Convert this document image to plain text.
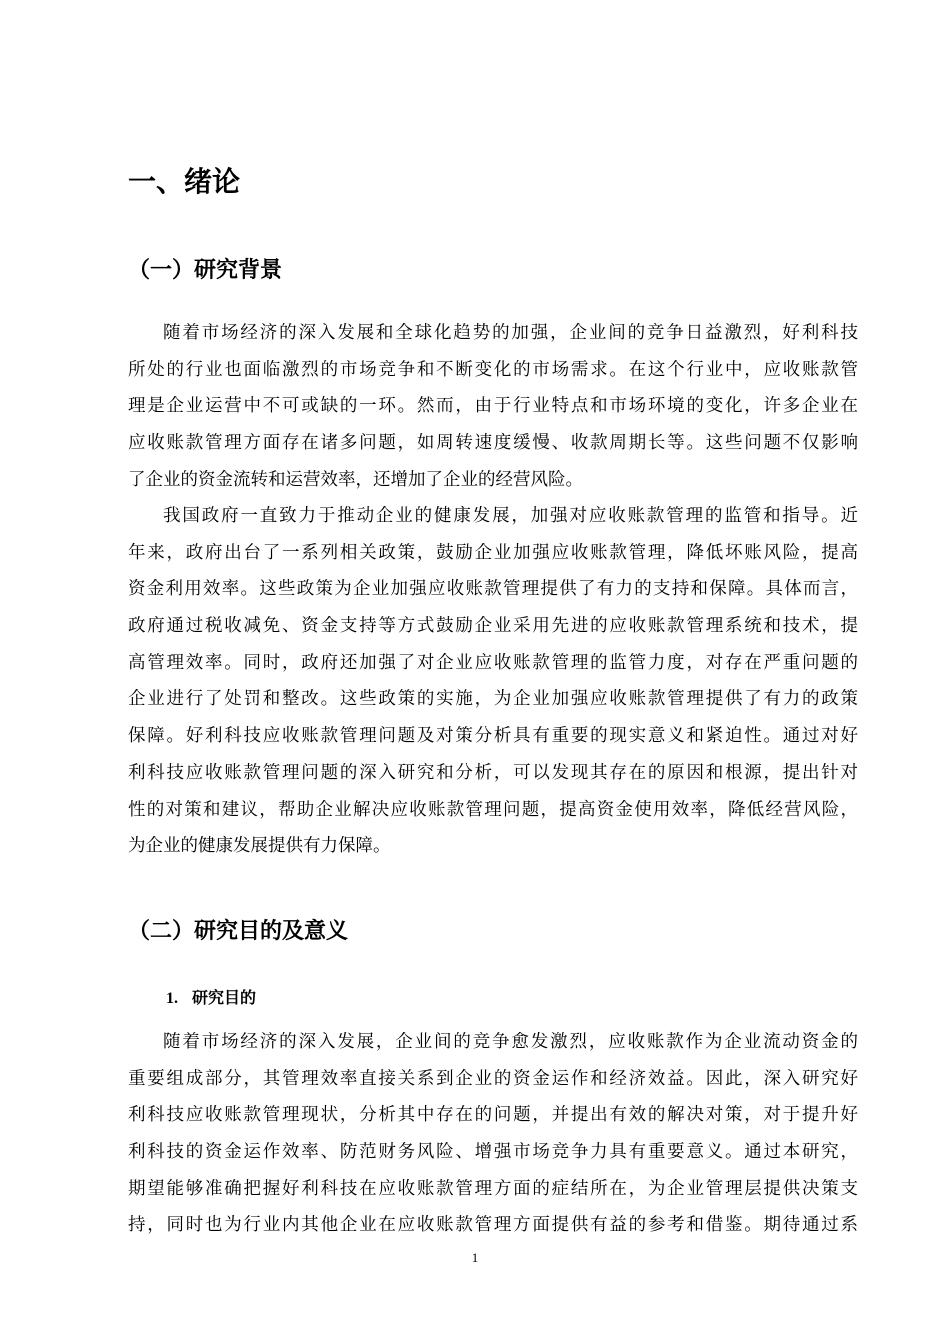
一、绪论
（一）研究背景
随着市场经济的深入发展和全球化趋势的加强，企业间的竞争日益激烈，好利科技
所处的行业也面临激烈的市场竞争和不断变化的市场需求。在这个行业中，应收账款管
理是企业运营中不可或缺的一环。然而，由于行业特点和市场环境的变化，许多企业在
应收账款管理方面存在诸多问题，如周转速度缓慢、收款周期长等。这些问题不仅影响
了企业的资金流转和运营效率，还增加了企业的经营风险。
我国政府一直致力于推动企业的健康发展，加强对应收账款管理的监管和指导。近
年来，政府出台了一系列相关政策，鼓励企业加强应收账款管理，降低坏账风险，提高
资金利用效率。这些政策为企业加强应收账款管理提供了有力的支持和保障。具体而言，
政府通过税收减免、资金支持等方式鼓励企业采用先进的应收账款管理系统和技术，提
高管理效率。同时，政府还加强了对企业应收账款管理的监管力度，对存在严重问题的
企业进行了处罚和整改。这些政策的实施，为企业加强应收账款管理提供了有力的政策
保障。好利科技应收账款管理问题及对策分析具有重要的现实意义和紧迫性。通过对好
利科技应收账款管理问题的深入研究和分析，可以发现其存在的原因和根源，提出针对
性的对策和建议，帮助企业解决应收账款管理问题，提高资金使用效率，降低经营风险，
为企业的健康发展提供有力保障。
（二）研究目的及意义
1. 研究目的
随着市场经济的深入发展，企业间的竞争愈发激烈，应收账款作为企业流动资金的
重要组成部分，其管理效率直接关系到企业的资金运作和经济效益。因此，深入研究好
利科技应收账款管理现状，分析其中存在的问题，并提出有效的解决对策，对于提升好
利科技的资金运作效率、防范财务风险、增强市场竞争力具有重要意义。通过本研究，
期望能够准确把握好利科技在应收账款管理方面的症结所在，为企业管理层提供决策支
持，同时也为行业内其他企业在应收账款管理方面提供有益的参考和借鉴。期待通过系
1
